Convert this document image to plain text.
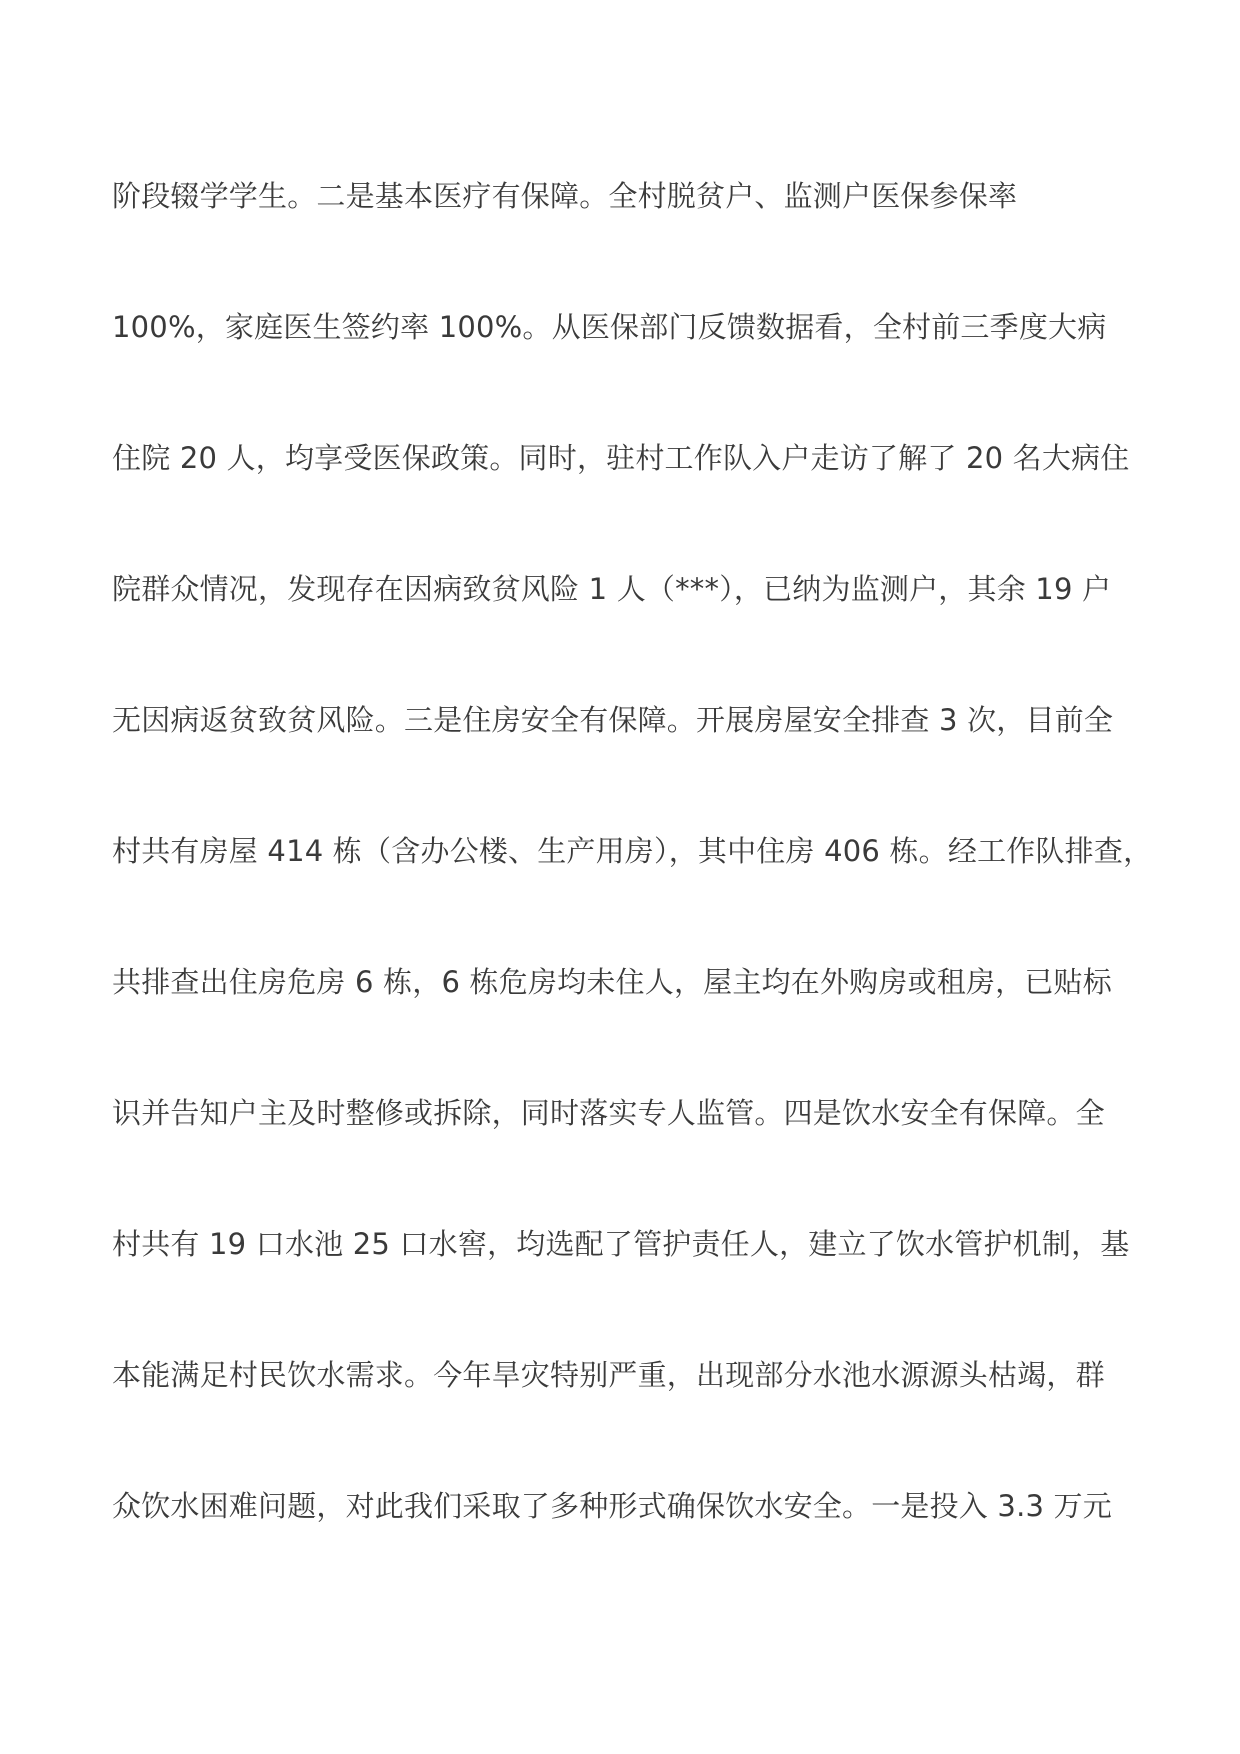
阶段辍学学生。二是基本医疗有保障。全村脱贫户、监测户医保参保率
100%，家庭医生签约率 100%。从医保部门反馈数据看，全村前三季度大病
住院 20 人，均享受医保政策。同时，驻村工作队入户走访了解了 20 名大病住
院群众情况，发现存在因病致贫风险 1 人（***），已纳为监测户，其余 19 户
无因病返贫致贫风险。三是住房安全有保障。开展房屋安全排查 3 次，目前全
村共有房屋 414 栋（含办公楼、生产用房），其中住房 406 栋。经工作队排查，
共排查出住房危房 6 栋，6 栋危房均未住人，屋主均在外购房或租房，已贴标
识并告知户主及时整修或拆除，同时落实专人监管。四是饮水安全有保障。全
村共有 19 口水池 25 口水窖，均选配了管护责任人，建立了饮水管护机制，基
本能满足村民饮水需求。今年旱灾特别严重，出现部分水池水源源头枯竭，群
众饮水困难问题，对此我们采取了多种形式确保饮水安全。一是投入 3.3 万元
